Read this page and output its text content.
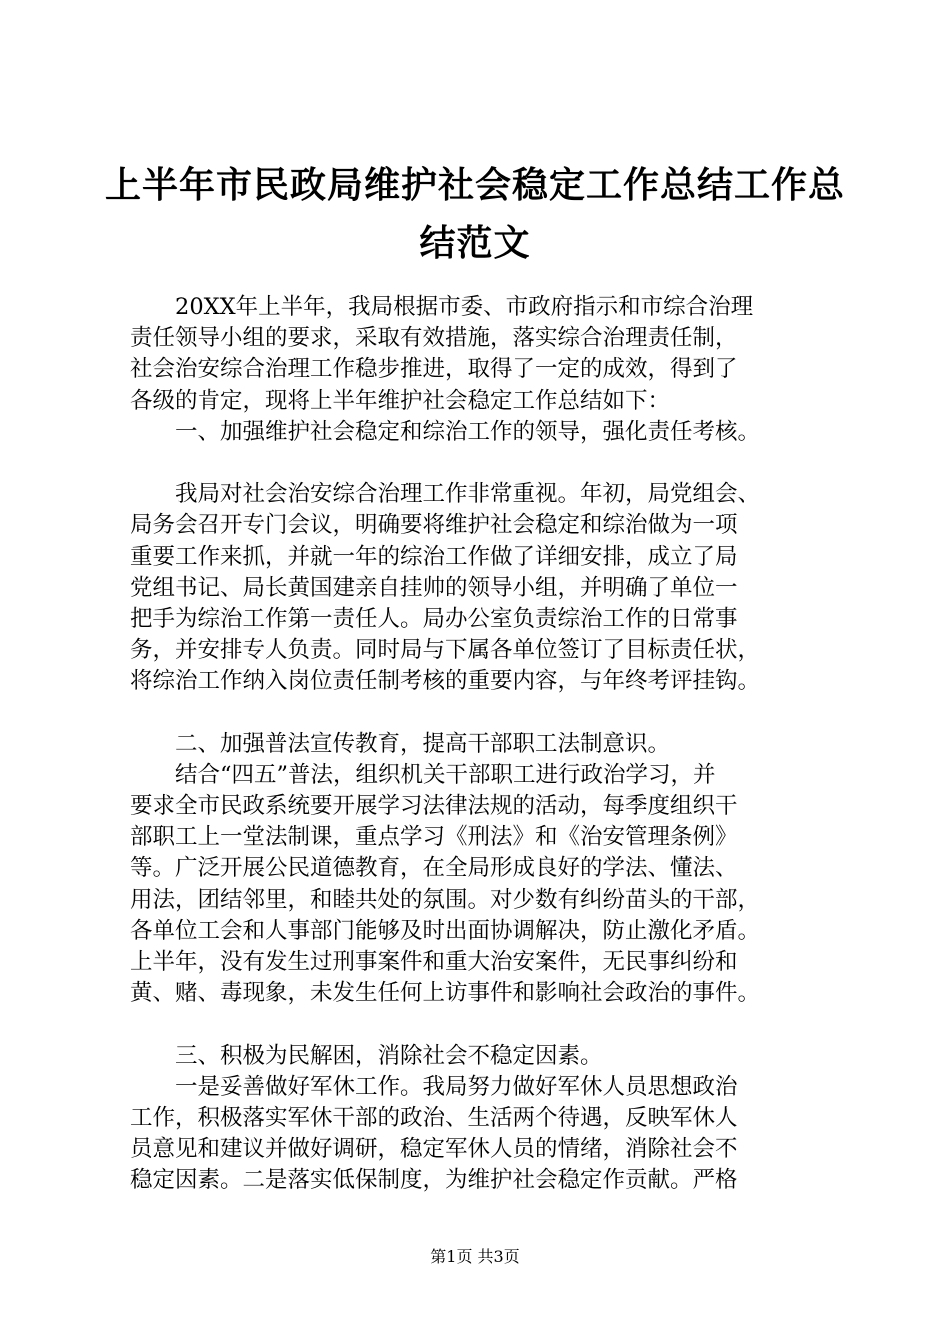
上半年市民政局维护社会稳定工作总结工作总
结范文
　　20XX年上半年，我局根据市委、市政府指示和市综合治理
责任领导小组的要求，采取有效措施，落实综合治理责任制，
社会治安综合治理工作稳步推进，取得了一定的成效，得到了
各级的肯定，现将上半年维护社会稳定工作总结如下：
　　一、加强维护社会稳定和综治工作的领导，强化责任考核。
　　我局对社会治安综合治理工作非常重视。年初，局党组会、
局务会召开专门会议，明确要将维护社会稳定和综治做为一项
重要工作来抓，并就一年的综治工作做了详细安排，成立了局
党组书记、局长黄国建亲自挂帅的领导小组，并明确了单位一
把手为综治工作第一责任人。局办公室负责综治工作的日常事
务，并安排专人负责。同时局与下属各单位签订了目标责任状，
将综治工作纳入岗位责任制考核的重要内容，与年终考评挂钩。
　　二、加强普法宣传教育，提高干部职工法制意识。
　　结合“四五”普法，组织机关干部职工进行政治学习，并
要求全市民政系统要开展学习法律法规的活动，每季度组织干
部职工上一堂法制课，重点学习《刑法》和《治安管理条例》
等。广泛开展公民道德教育，在全局形成良好的学法、懂法、
用法，团结邻里，和睦共处的氛围。对少数有纠纷苗头的干部，
各单位工会和人事部门能够及时出面协调解决，防止激化矛盾。
上半年，没有发生过刑事案件和重大治安案件，无民事纠纷和
黄、赌、毒现象，未发生任何上访事件和影响社会政治的事件。
　　三、积极为民解困，消除社会不稳定因素。
　　一是妥善做好军休工作。我局努力做好军休人员思想政治
工作，积极落实军休干部的政治、生活两个待遇，反映军休人
员意见和建议并做好调研，稳定军休人员的情绪，消除社会不
稳定因素。二是落实低保制度，为维护社会稳定作贡献。严格
第1页 共3页
